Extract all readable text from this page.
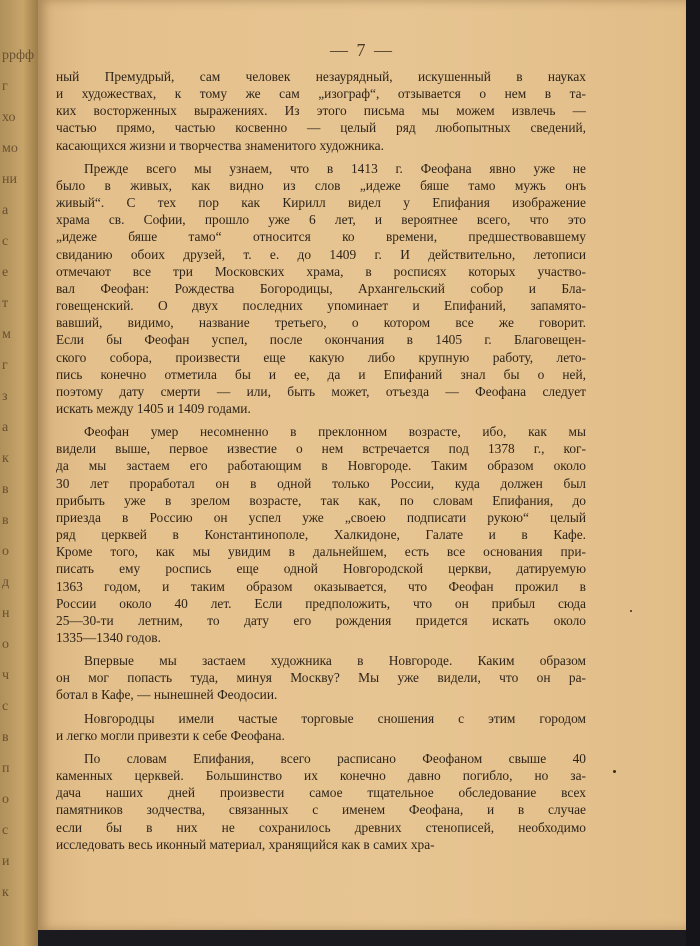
ррфф
г
хо
мо
ни
а
с
е
т
м
г
з
а
к
в
в
о
д
н
о
ч
с
в
п
о
с
и
к
— 7 —
ный Премудрый, сам человек незаурядный, искушенный в науках
и художествах, к тому же сам „изограф“, отзывается о нем в та-
ких восторженных выражениях. Из этого письма мы можем извлечь —
частью прямо, частью косвенно — целый ряд любопытных сведений,
касающихся жизни и творчества знаменитого художника.
Прежде всего мы узнаем, что в 1413 г. Феофана явно уже не
было в живых, как видно из слов „идеже бяше тамо мужъ онъ
живый“. С тех пор как Кирилл видел у Епифания изображение
храма св. Софии, прошло уже 6 лет, и вероятнее всего, что это
„идеже бяше тамо“ относится ко времени, предшествовавшему
свиданию обоих друзей, т. е. до 1409 г. И действительно, летописи
отмечают все три Московских храма, в росписях которых участво-
вал Феофан: Рождества Богородицы, Архангельский собор и Бла-
говещенский. О двух последних упоминает и Епифаний, запамято-
вавший, видимо, название третьего, о котором все же говорит.
Если бы Феофан успел, после окончания в 1405 г. Благовещен-
ского собора, произвести еще какую либо крупную работу, лето-
пись конечно отметила бы и ее, да и Епифаний знал бы о ней,
поэтому дату смерти — или, быть может, отъезда — Феофана следует
искать между 1405 и 1409 годами.
Феофан умер несомненно в преклонном возрасте, ибо, как мы
видели выше, первое известие о нем встречается под 1378 г., ког-
да мы застаем его работающим в Новгороде. Таким образом около
30 лет проработал он в одной только России, куда должен был
прибыть уже в зрелом возрасте, так как, по словам Епифания, до
приезда в Россию он успел уже „своею подписати рукою“ целый
ряд церквей в Константинополе, Халкидоне, Галате и в Кафе.
Кроме того, как мы увидим в дальнейшем, есть все основания при-
писать ему роспись еще одной Новгородской церкви, датируемую
1363 годом, и таким образом оказывается, что Феофан прожил в
России около 40 лет. Если предположить, что он прибыл сюда
25—30-ти летним, то дату его рождения придется искать около
1335—1340 годов.
Впервые мы застаем художника в Новгороде. Каким образом
он мог попасть туда, минуя Москву? Мы уже видели, что он ра-
ботал в Кафе, — нынешней Феодосии.
Новгородцы имели частые торговые сношения с этим городом
и легко могли привезти к себе Феофана.
По словам Епифания, всего расписано Феофаном свыше 40
каменных церквей. Большинство их конечно давно погибло, но за-
дача наших дней произвести самое тщательное обследование всех
памятников зодчества, связанных с именем Феофана, и в случае
если бы в них не сохранилось древних стенописей, необходимо
исследовать весь иконный материал, хранящийся как в самих хра-
